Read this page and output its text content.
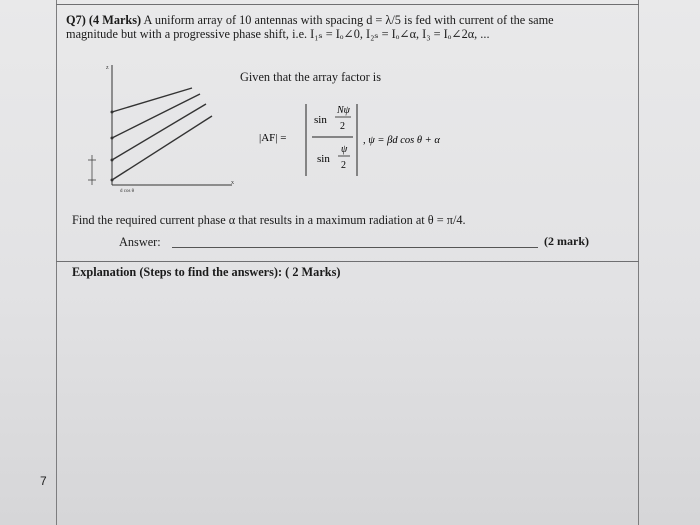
Q7) (4 Marks) A uniform array of 10 antennas with spacing d = λ/5 is fed with current of the same
magnitude but with a progressive phase shift, i.e. I₁ₛ = Iₒ∠0, I₂ₛ = Iₒ∠α, I₃ = Iₒ∠2α, ...
Given that the array factor is
z
x
d cos θ
|AF| =
sin
Nψ
2
sin
ψ
2
, ψ = βd cos θ + α
Find the required current phase α that results in a maximum radiation at θ = π/4.
Answer:	(2 mark)
Explanation (Steps to find the answers): ( 2 Marks)
7
